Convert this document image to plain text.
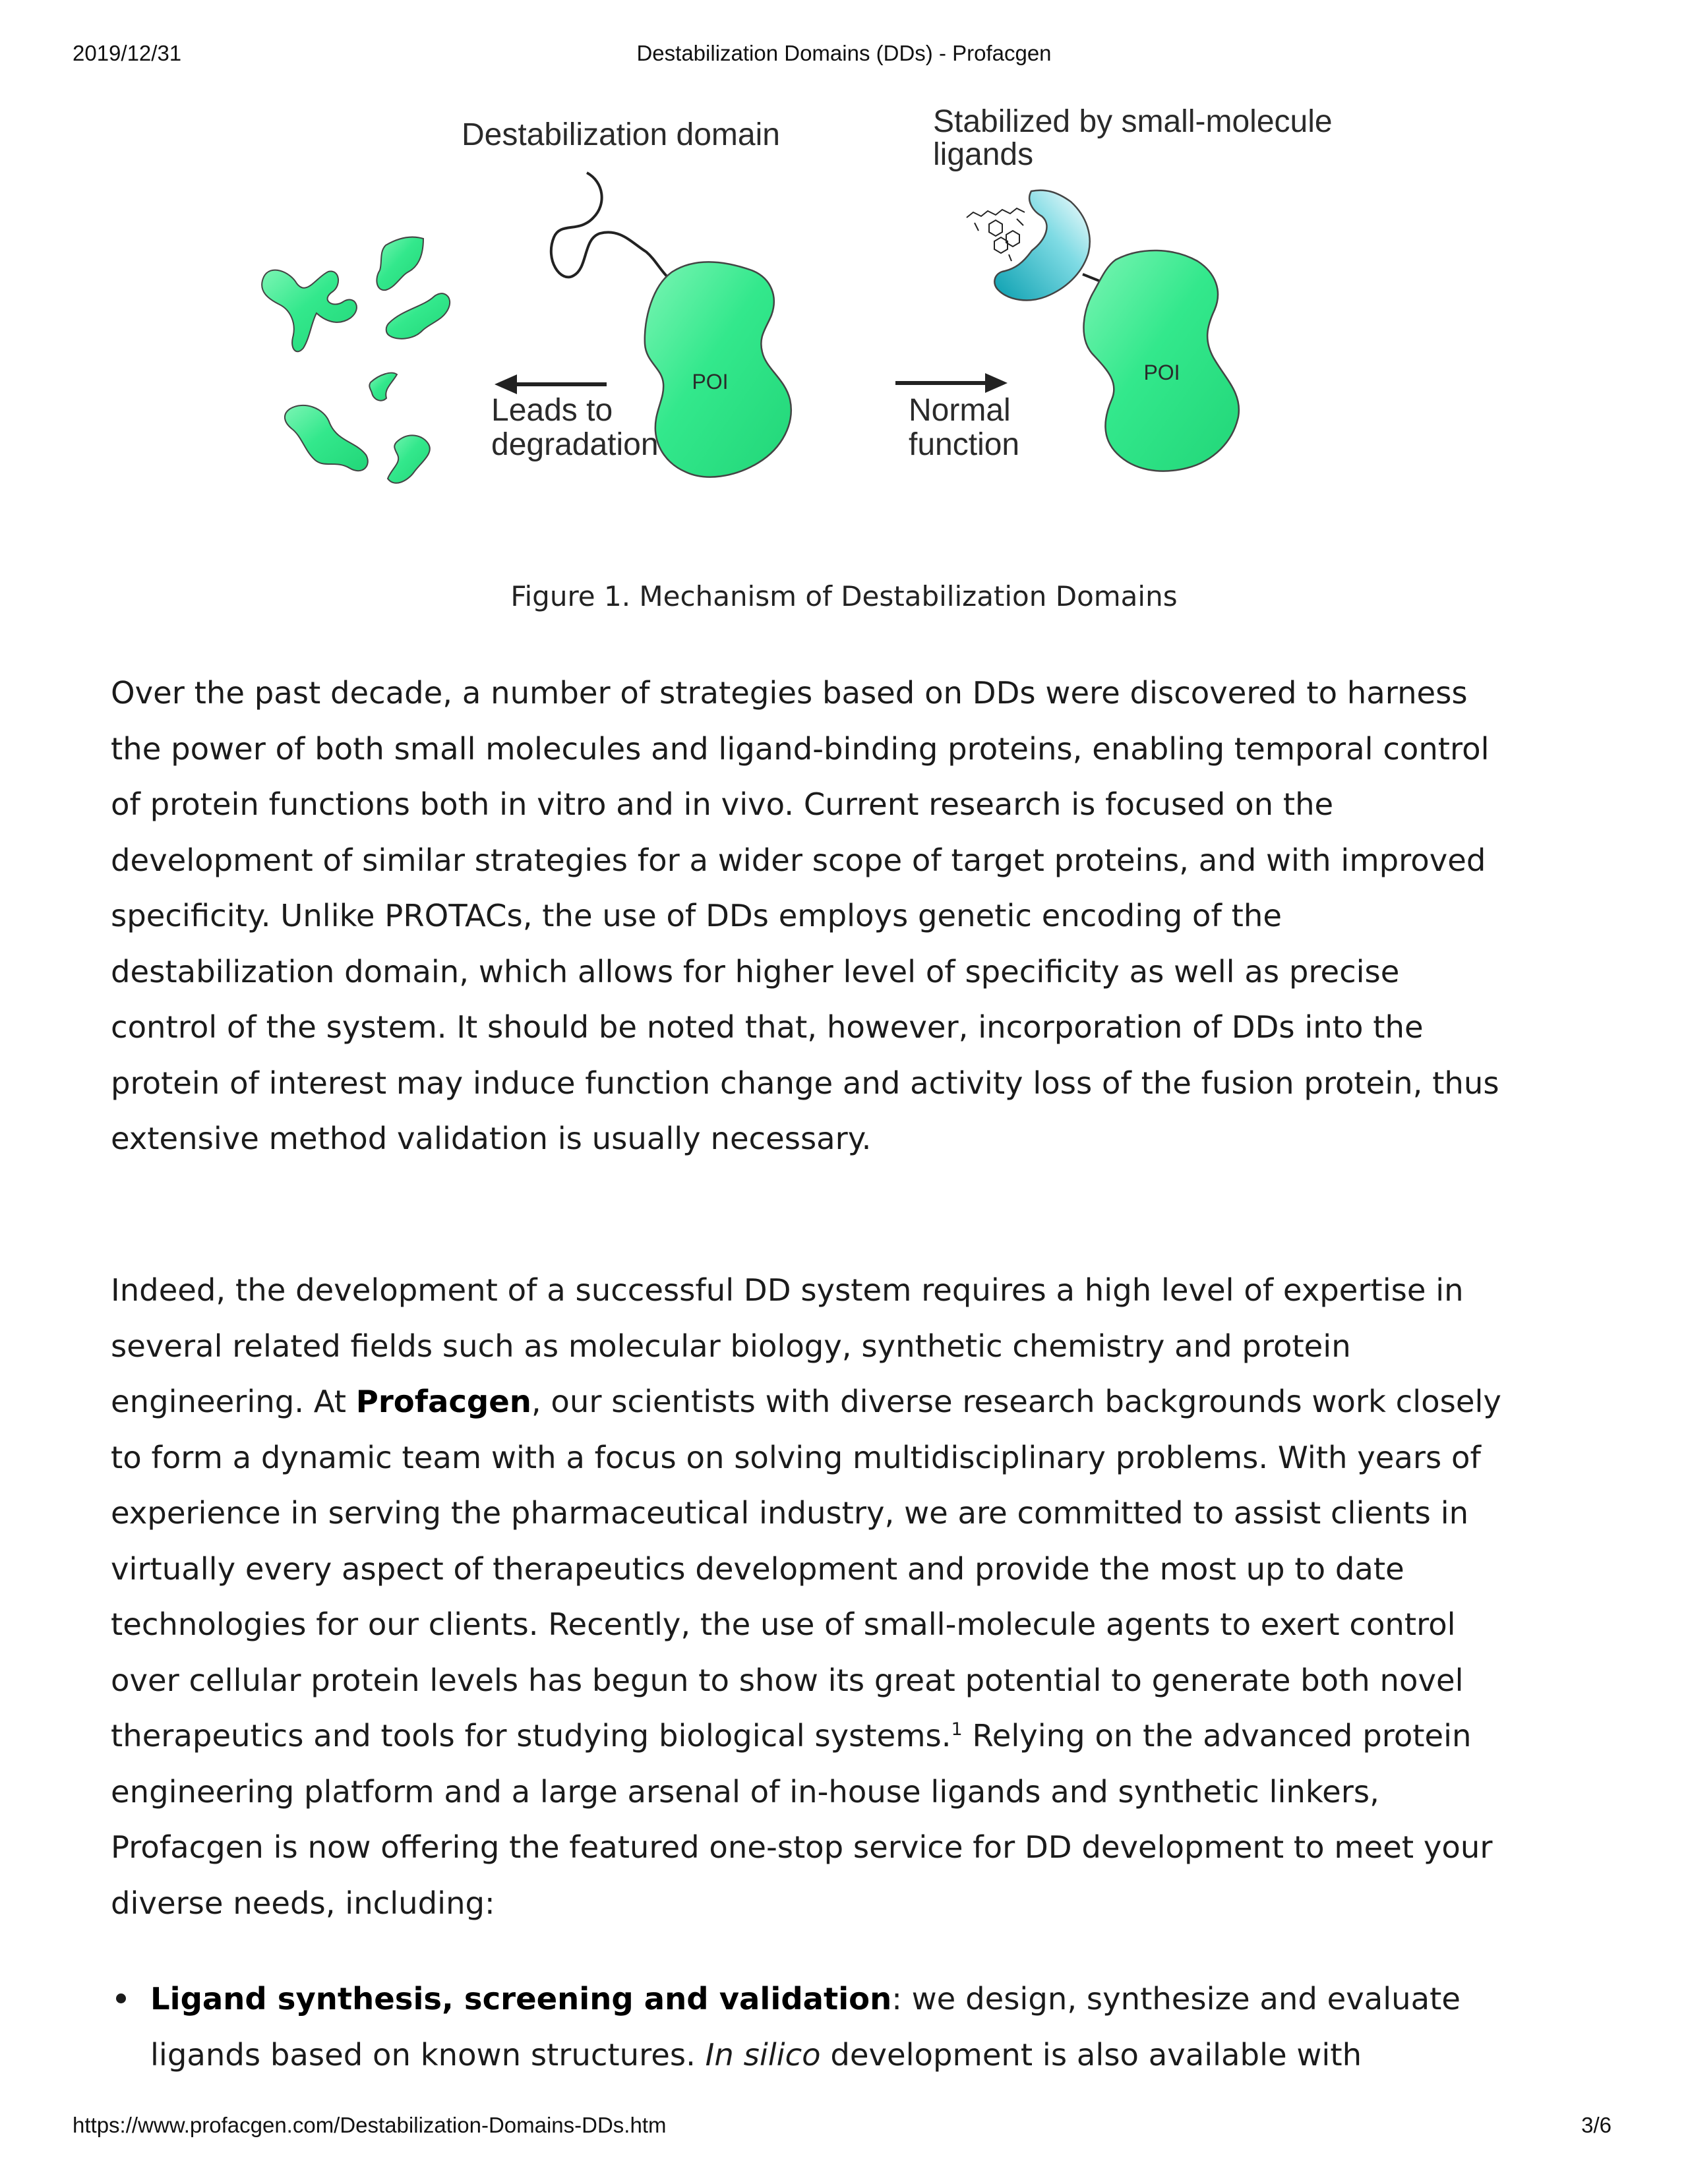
2019/12/31	Destabilization Domains (DDs) - Profacgen
POI	POI
Destabilization domain	Stabilized by small-molecule
ligands
Leads to
degradation
Normal
function
Figure 1. Mechanism of Destabilization Domains

Over the past decade, a number of strategies based on DDs were discovered to harness the power of both small molecules and ligand-binding proteins, enabling temporal control of protein functions both in vitro and in vivo. Current research is focused on the development of similar strategies for a wider scope of target proteins, and with improved specificity. Unlike PROTACs, the use of DDs employs genetic encoding of the destabilization domain, which allows for higher level of specificity as well as precise control of the system. It should be noted that, however, incorporation of DDs into the protein of interest may induce function change and activity loss of the fusion protein, thus extensive method validation is usually necessary.

Indeed, the development of a successful DD system requires a high level of expertise in several related fields such as molecular biology, synthetic chemistry and protein engineering. At Profacgen, our scientists with diverse research backgrounds work closely to form a dynamic team with a focus on solving multidisciplinary problems. With years of experience in serving the pharmaceutical industry, we are committed to assist clients in virtually every aspect of therapeutics development and provide the most up to date technologies for our clients. Recently, the use of small-molecule agents to exert control over cellular protein levels has begun to show its great potential to generate both novel therapeutics and tools for studying biological systems.$^1$ Relying on the advanced protein engineering platform and a large arsenal of in-house ligands and synthetic linkers, Profacgen is now offering the featured one-stop service for DD development to meet your diverse needs, including:

Ligand synthesis, screening and validation: we design, synthesize and evaluate ligands based on known structures. In silico development is also available with
https://www.profacgen.com/Destabilization-Domains-DDs.htm	3/6
